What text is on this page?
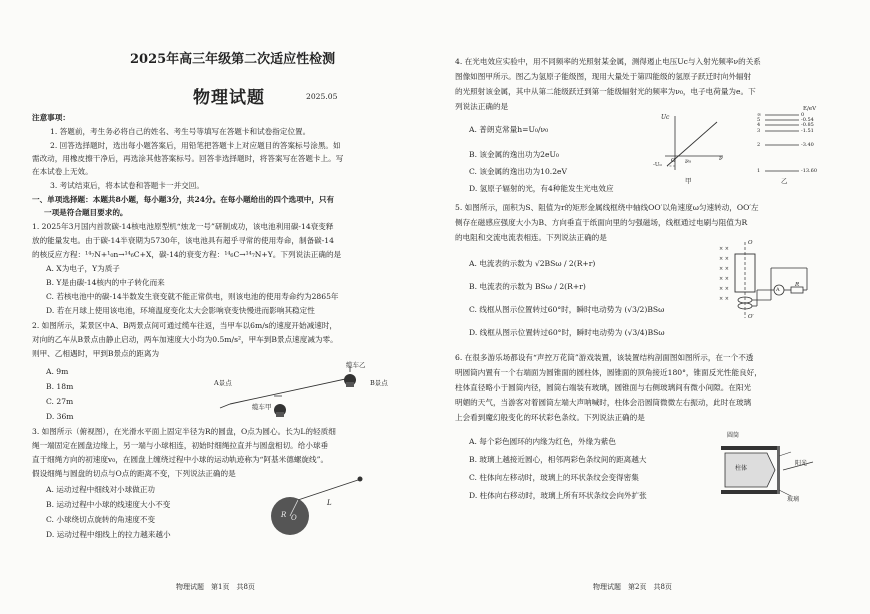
2025年高三年级第二次适应性检测
物理试题	2025.05
注意事项：
1. 答题前，考生务必将自己的姓名、考生号等填写在答题卡和试卷指定位置。
2. 回答选择题时，选出每小题答案后，用铅笔把答题卡上对应题目的答案标号涂黑。如
需改动，用橡皮擦干净后，再选涂其他答案标号。回答非选择题时，将答案写在答题卡上。写
在本试卷上无效。
3. 考试结束后，将本试卷和答题卡一并交回。
一、单项选择题：本题共8小题，每小题3分，共24分。在每小题给出的四个选项中，只有
一项是符合题目要求的。
1. 2025年3月国内首款碳-14核电池原型机“烛龙一号”研制成功，该电池利用碳-14衰变释
放的能量发电。由于碳-14半衰期为5730年，该电池具有超乎寻常的使用寿命，制备碳-14
的核反应方程：¹⁴₇N+¹₀n→¹⁴₆C+X，碳-14的衰变方程：¹⁴₆C→¹⁴₇N+Y。下列说法正确的是
A. X为电子，Y为质子
B. Y是由碳-14核内的中子转化而来
C. 若核电池中的碳-14半数发生衰变就不能正常供电，则该电池的使用寿命约为2865年
D. 若在月球上使用该电池，环境温度变化太大会影响衰变快慢进而影响其稳定性
2. 如图所示，某景区中A、B两景点间可通过缆车往返，当甲车以6m/s的速度开始减速时，
对向的乙车从B景点由静止启动，两车加速度大小均为0.5m/s²，甲车到B景点速度减为零。
则甲、乙相遇时，甲到B景点的距离为
A. 9m
B. 18m
C. 27m
D. 36m
A景点	B景点
缆车乙
缆车甲
3. 如图所示（俯视图），在光滑水平面上固定半径为R的圆盘，O点为圆心。长为L的轻质细
绳一端固定在圆盘边缘上，另一端与小球相连，初始时细绳拉直并与圆盘相切。给小球垂
直于细绳方向的初速度v₀，在圆盘上缠绕过程中小球的运动轨迹称为“阿基米德螺旋线”。
假设细绳与圆盘的切点与O点的距离不变，下列说法正确的是
A. 运动过程中细线对小球做正功
B. 运动过程中小球的线速度大小不变
C. 小球绕切点旋转的角速度不变
D. 运动过程中细线上的拉力越来越小
R O
L
物理试题　第1页　共8页
4. 在光电效应实验中，用不同频率的光照射某金属，测得遏止电压Uc与入射光频率ν的关系
图像如图甲所示。图乙为氢原子能级图，现用大量处于第四能级的氢原子跃迁时向外辐射
的光照射该金属，其中从第二能级跃迁到第一能级辐射光的频率为ν₀，电子电荷量为e。下
列说法正确的是
A. 普朗克常量h=U₀/ν₀
B. 该金属的逸出功为2eU₀
C. 该金属的逸出功为10.2eV
D. 氢原子辐射的光，有4种能发生光电效应
Uc
ν
ν₀
-U₀
O
甲
E/eV
∞	0
5	-0.54
4	-0.85
3	-1.51
2	-3.40
1	-13.60
乙
5. 如图所示，面积为S、阻值为r的矩形金属线框绕中轴线OO′以角速度ω匀速转动，OO′左
侧存在磁感应强度大小为B、方向垂直于纸面向里的匀强磁场，线框通过电刷与阻值为R
的电阻和交流电流表相连。下列说法正确的是
A. 电流表的示数为 √2BSω / 2(R+r)
B. 电流表的示数为 BSω / 2(R+r)
C. 线框从图示位置转过60°时，瞬时电动势为 (√3/2)BSω
D. 线框从图示位置转过60°时，瞬时电动势为 (√3/4)BSω
× ×
× ×
× ×
× ×
× ×
× ×
O
O′
A
R
6. 在很多游乐场都设有“声控万花筒”游戏装置，该装置结构剖面图如图所示，在一个不透
明圆筒内置有一个右端面为圆锥面的圆柱体，圆锥面的顶角接近180°，锥面反光性能良好，
柱体直径略小于圆筒内径，圆筒右端装有玻璃，圆锥面与右侧玻璃间有微小间隙。在阳光
明媚的天气，当游客对着圆筒左端大声呐喊时，柱体会沿圆筒微微左右振动，此时在玻璃
上会看到魔幻般变化的环状彩色条纹。下列说法正确的是
A. 每个彩色圆环的内缘为红色，外缘为紫色
B. 玻璃上越接近圆心，相邻两彩色条纹间的距离越大
C. 柱体向左移动时，玻璃上的环状条纹会变得密集
D. 柱体向右移动时，玻璃上所有环状条纹会向外扩张
圆筒
柱体
阳光
玻璃
物理试题　第2页　共8页
